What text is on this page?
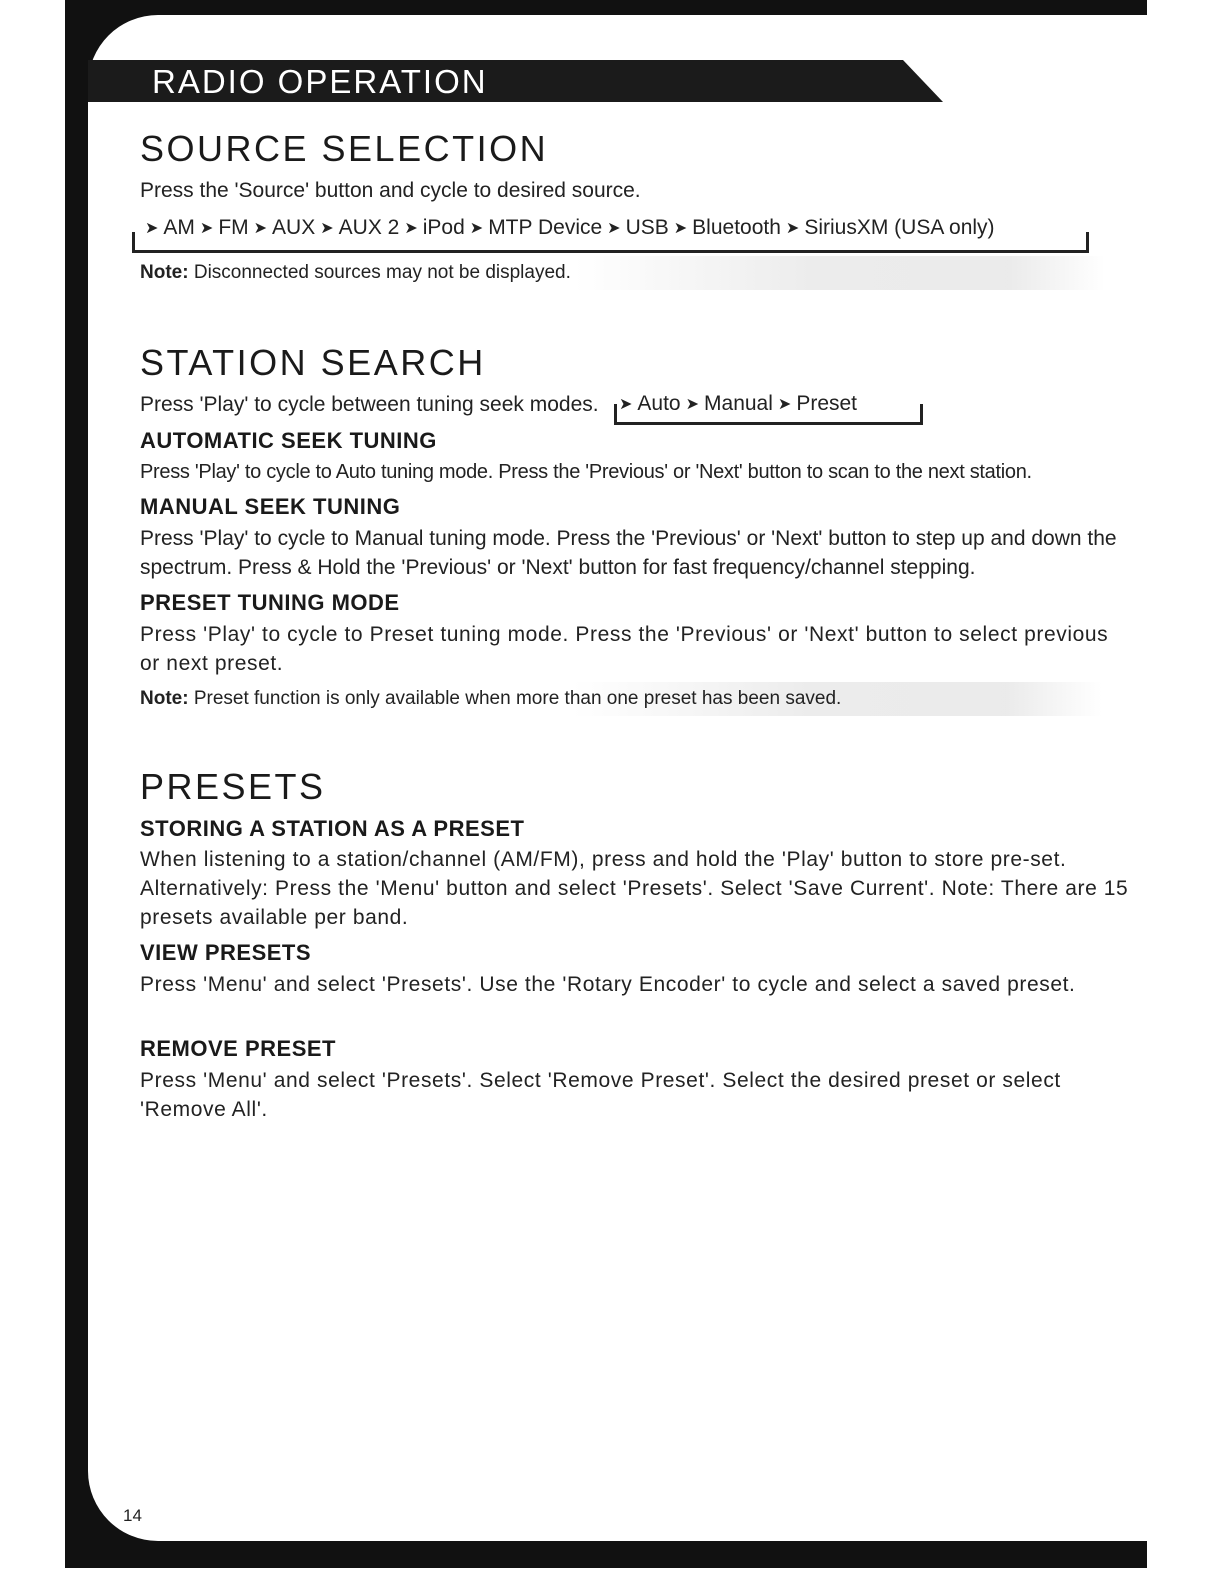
RADIO OPERATION
SOURCE SELECTION

Press the 'Source' button and cycle to desired source.

➤ AM ➤ FM ➤ AUX ➤ AUX 2 ➤ iPod ➤ MTP Device ➤ USB ➤ Bluetooth ➤ SiriusXM (USA only)
Note: Disconnected sources may not be displayed.
STATION SEARCH

Press 'Play' to cycle between tuning seek modes.	➤ Auto ➤ Manual ➤ Preset
AUTOMATIC SEEK TUNING

Press 'Play' to cycle to Auto tuning mode. Press the 'Previous' or 'Next' button to scan to the next station.

MANUAL SEEK TUNING

Press 'Play' to cycle to Manual tuning mode. Press the 'Previous' or 'Next' button to step up and down the spectrum. Press & Hold the 'Previous' or 'Next' button for fast frequency/channel stepping.

PRESET TUNING MODE

Press 'Play' to cycle to Preset tuning mode. Press the 'Previous' or 'Next' button to select previous or next preset.

Note: Preset function is only available when more than one preset has been saved.
PRESETS
STORING A STATION AS A PRESET

When listening to a station/channel (AM/FM), press and hold the 'Play' button to store pre-set. Alternatively: Press the 'Menu' button and select 'Presets'. Select 'Save Current'. Note: There are 15 presets available per band.

VIEW PRESETS

Press 'Menu' and select 'Presets'. Use the 'Rotary Encoder' to cycle and select a saved preset.

REMOVE PRESET

Press 'Menu' and select 'Presets'. Select 'Remove Preset'. Select the desired preset or select 'Remove All'.

14
